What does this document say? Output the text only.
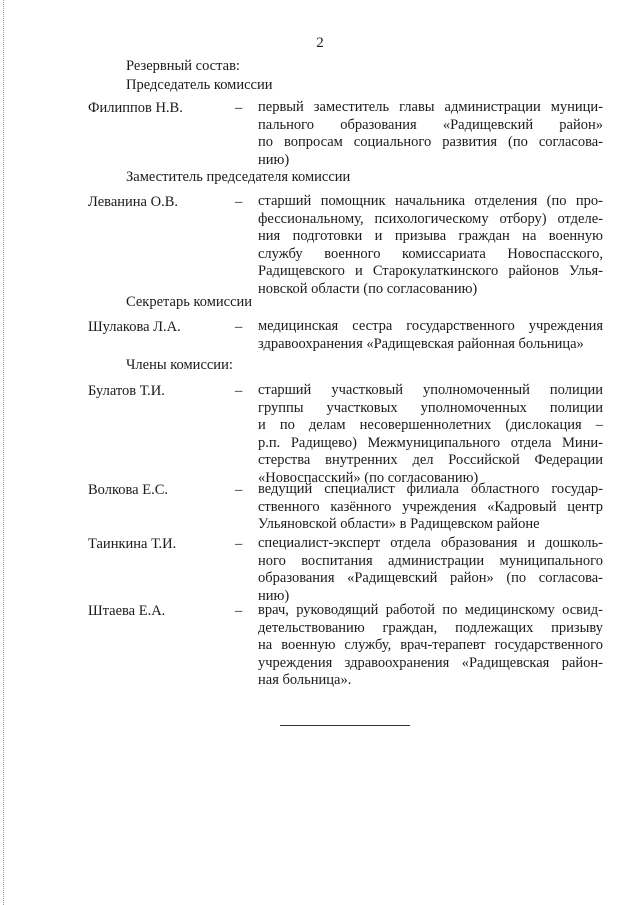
2
Резервный состав:
Председатель комиссии
Филиппов Н.В.	– первый заместитель главы администрации муници-
пального образования «Радищевский район»
по вопросам социального развития (по согласова-
нию)
Заместитель председателя комиссии
Леванина О.В.	– старший помощник начальника отделения (по про-
фессиональному, психологическому отбору) отделе-
ния подготовки и призыва граждан на военную
службу военного комиссариата Новоспасского,
Радищевского и Старокулаткинского районов Улья-
новской области (по согласованию)
Секретарь комиссии
Шулакова Л.А.	– медицинская сестра государственного учреждения
здравоохранения «Радищевская районная больница»
Члены комиссии:
Булатов Т.И.	– старший участковый уполномоченный полиции
группы участковых уполномоченных полиции
и по делам несовершеннолетних (дислокация –
р.п. Радищево) Межмуниципального отдела Мини-
стерства внутренних дел Российской Федерации
«Новоспасский» (по согласованию)
Волкова Е.С.	– ведущий специалист филиала областного государ-
ственного казённого учреждения «Кадровый центр
Ульяновской области» в Радищевском районе
Таинкина Т.И.	– специалист-эксперт отдела образования и дошколь-
ного воспитания администрации муниципального
образования «Радищевский район» (по согласова-
нию)
Штаева Е.А.	– врач, руководящий работой по медицинскому освид-
детельствованию граждан, подлежащих призыву
на военную службу, врач-терапевт государственного
учреждения здравоохранения «Радищевская район-
ная больница».
